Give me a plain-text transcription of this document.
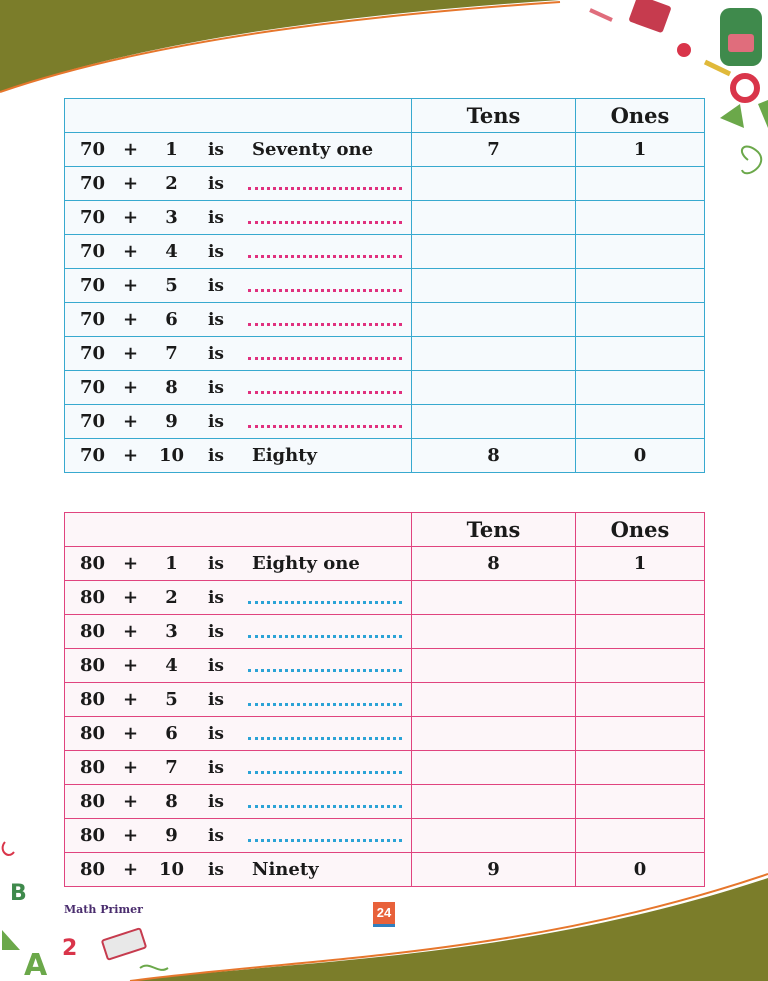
B
A 2
	Tens	Ones

70 + 1 is Seventy one	7	1

70 + 2 is		

70 + 3 is		

70 + 4 is		

70 + 5 is		

70 + 6 is		

70 + 7 is		

70 + 8 is		

70 + 9 is		

70 + 10 is Eighty	8	0
	Tens	Ones

80 + 1 is Eighty one	8	1

80 + 2 is		

80 + 3 is		

80 + 4 is		

80 + 5 is		

80 + 6 is		

80 + 7 is		

80 + 8 is		

80 + 9 is		

80 + 10 is Ninety	9	0
Math Primer	24
